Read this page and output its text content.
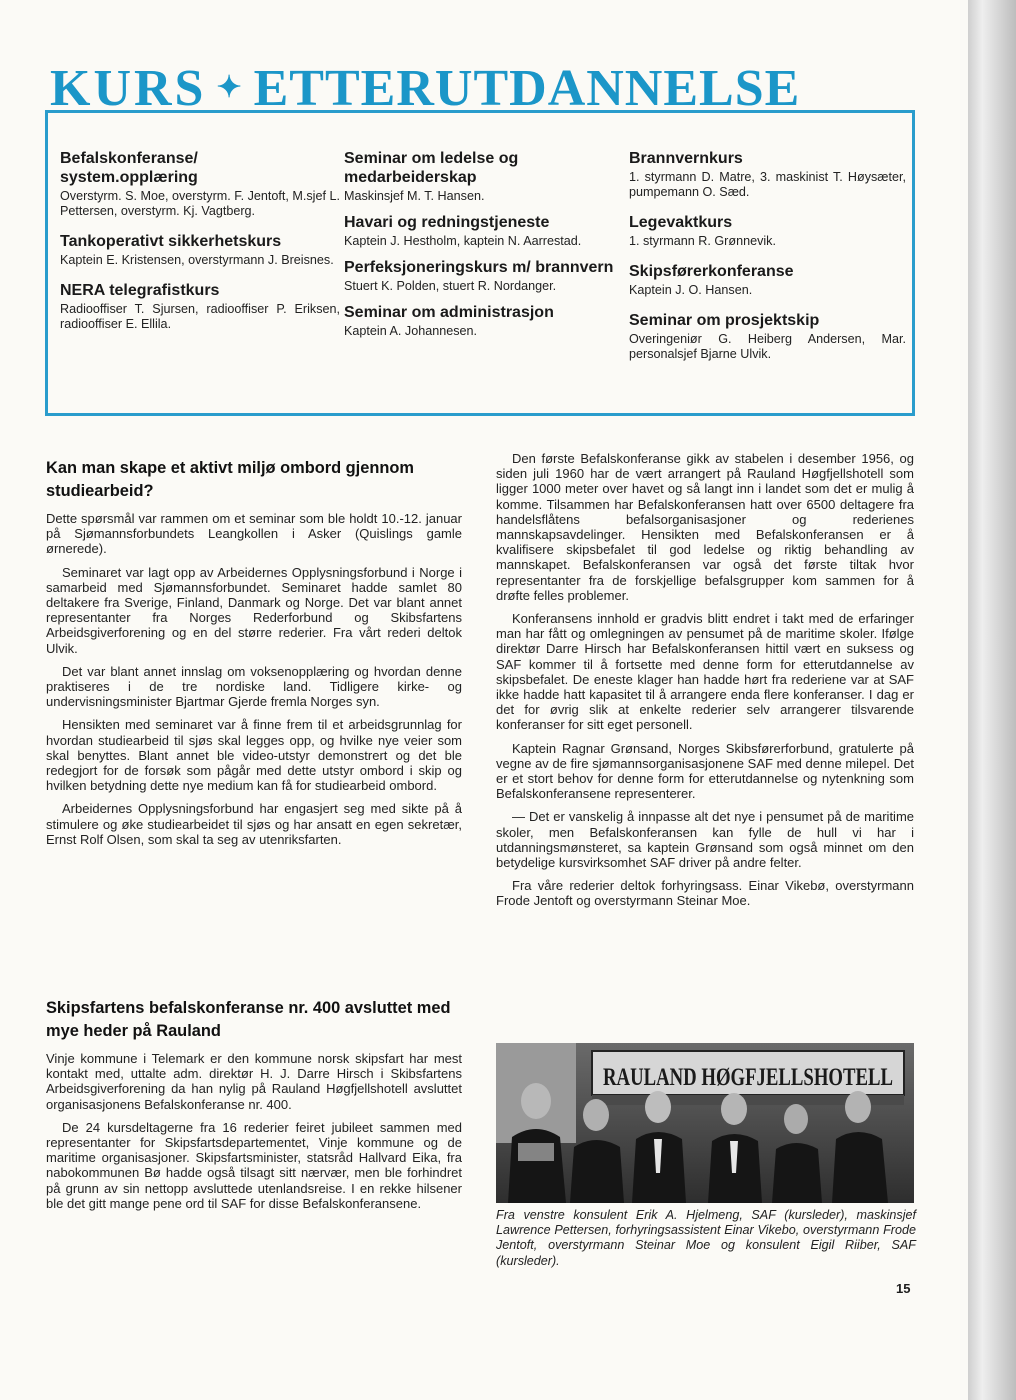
KURS ✦ ETTERUTDANNELSE

Befalskonferanse/ system.opplæring

Overstyrm. S. Moe, overstyrm. F. Jentoft, M.sjef L. Pettersen, overstyrm. Kj. Vagtberg.

Tankoperativt sikkerhetskurs

Kaptein E. Kristensen, overstyrmann J. Breisnes.

NERA telegrafistkurs

Radiooffiser T. Sjursen, radiooffiser P. Eriksen, radiooffiser E. Ellila.

Seminar om ledelse og medarbeiderskap

Maskinsjef M. T. Hansen.

Havari og redningstjeneste

Kaptein J. Hestholm, kaptein N. Aarrestad.

Perfeksjoneringskurs m/ brannvern

Stuert K. Polden, stuert R. Nordanger.

Seminar om administrasjon

Kaptein A. Johannesen.

Brannvernkurs

1. styrmann D. Matre, 3. maskinist T. Høysæter, pumpemann O. Sæd.

Legevaktkurs

1. styrmann R. Grønnevik.

Skipsførerkonferanse

Kaptein J. O. Hansen.

Seminar om prosjektskip

Overingeniør G. Heiberg Andersen, Mar. personalsjef Bjarne Ulvik.

Kan man skape et aktivt miljø ombord gjennom studiearbeid?

Dette spørsmål var rammen om et seminar som ble holdt 10.-12. januar på Sjømannsforbundets Leangkollen i Asker (Quislings gamle ørnerede).

Seminaret var lagt opp av Arbeidernes Opplysningsforbund i Norge i samarbeid med Sjømannsforbundet. Seminaret hadde samlet 80 deltakere fra Sverige, Finland, Danmark og Norge. Det var blant annet representanter fra Norges Rederforbund og Skibsfartens Arbeidsgiverforening og en del større rederier. Fra vårt rederi deltok Ulvik.

Det var blant annet innslag om voksenopplæring og hvordan denne praktiseres i de tre nordiske land. Tidligere kirke- og undervisningsminister Bjartmar Gjerde fremla Norges syn.

Hensikten med seminaret var å finne frem til et arbeidsgrunnlag for hvordan studiearbeid til sjøs skal legges opp, og hvilke nye veier som skal benyttes. Blant annet ble video-utstyr demonstrert og det ble redegjort for de forsøk som pågår med dette utstyr ombord i skip og hvilken betydning dette nye medium kan få for studiearbeid ombord.

Arbeidernes Opplysningsforbund har engasjert seg med sikte på å stimulere og øke studiearbeidet til sjøs og har ansatt en egen sekretær, Ernst Rolf Olsen, som skal ta seg av utenriksfarten.

Skipsfartens befalskonferanse nr. 400 avsluttet med mye heder på Rauland

Vinje kommune i Telemark er den kommune norsk skipsfart har mest kontakt med, uttalte adm. direktør H. J. Darre Hirsch i Skibsfartens Arbeidsgiverforening da han nylig på Rauland Høgfjellshotell avsluttet organisasjonens Befalskonferanse nr. 400.

De 24 kursdeltagerne fra 16 rederier feiret jubileet sammen med representanter for Skipsfartsdepartementet, Vinje kommune og de maritime organisasjoner. Skipsfartsminister, statsråd Hallvard Eika, fra nabokommunen Bø hadde også tilsagt sitt nærvær, men ble forhindret på grunn av sin nettopp avsluttede utenlandsreise. I en rekke hilsener ble det gitt mange pene ord til SAF for disse Befalskonferansene.

Den første Befalskonferanse gikk av stabelen i desember 1956, og siden juli 1960 har de vært arrangert på Rauland Høgfjellshotell som ligger 1000 meter over havet og så langt inn i landet som det er mulig å komme. Tilsammen har Befalskonferansen hatt over 6500 deltagere fra handelsflåtens befalsorganisasjoner og rederienes mannskapsavdelinger. Hensikten med Befalskonferansen er å kvalifisere skipsbefalet til god ledelse og riktig behandling av mannskapet. Befalskonferansen var også det første tiltak hvor representanter fra de forskjellige befalsgrupper kom sammen for å drøfte felles problemer.

Konferansens innhold er gradvis blitt endret i takt med de erfaringer man har fått og omlegningen av pensumet på de maritime skoler. Ifølge direktør Darre Hirsch har Befalskonferansen hittil vært en suksess og SAF kommer til å fortsette med denne form for etterutdannelse av skipsbefalet. De eneste klager han hadde hørt fra rederiene var at SAF ikke hadde hatt kapasitet til å arrangere enda flere konferanser. I dag er det for øvrig slik at enkelte rederier selv arrangerer tilsvarende konferanser for sitt eget personell.

Kaptein Ragnar Grønsand, Norges Skibsførerforbund, gratulerte på vegne av de fire sjømannsorganisasjonene SAF med denne milepel. Det er et stort behov for denne form for etterutdannelse og nytenkning som Befalskonferansene representerer.

— Det er vanskelig å innpasse alt det nye i pensumet på de maritime skoler, men Befalskonferansen kan fylle de hull vi har i utdanningsmønsteret, sa kaptein Grønsand som også minnet om den betydelige kursvirksomhet SAF driver på andre felter.

Fra våre rederier deltok forhyringsass. Einar Vikebø, overstyrmann Frode Jentoft og overstyrmann Steinar Moe.

RAULAND HØGFJELLSHOTELL
Fra venstre konsulent Erik A. Hjelmeng, SAF (kursleder), maskinsjef Lawrence Pettersen, forhyringsassistent Einar Vikebo, overstyrmann Frode Jentoft, overstyrmann Steinar Moe og konsulent Eigil Riiber, SAF (kursleder).
15
